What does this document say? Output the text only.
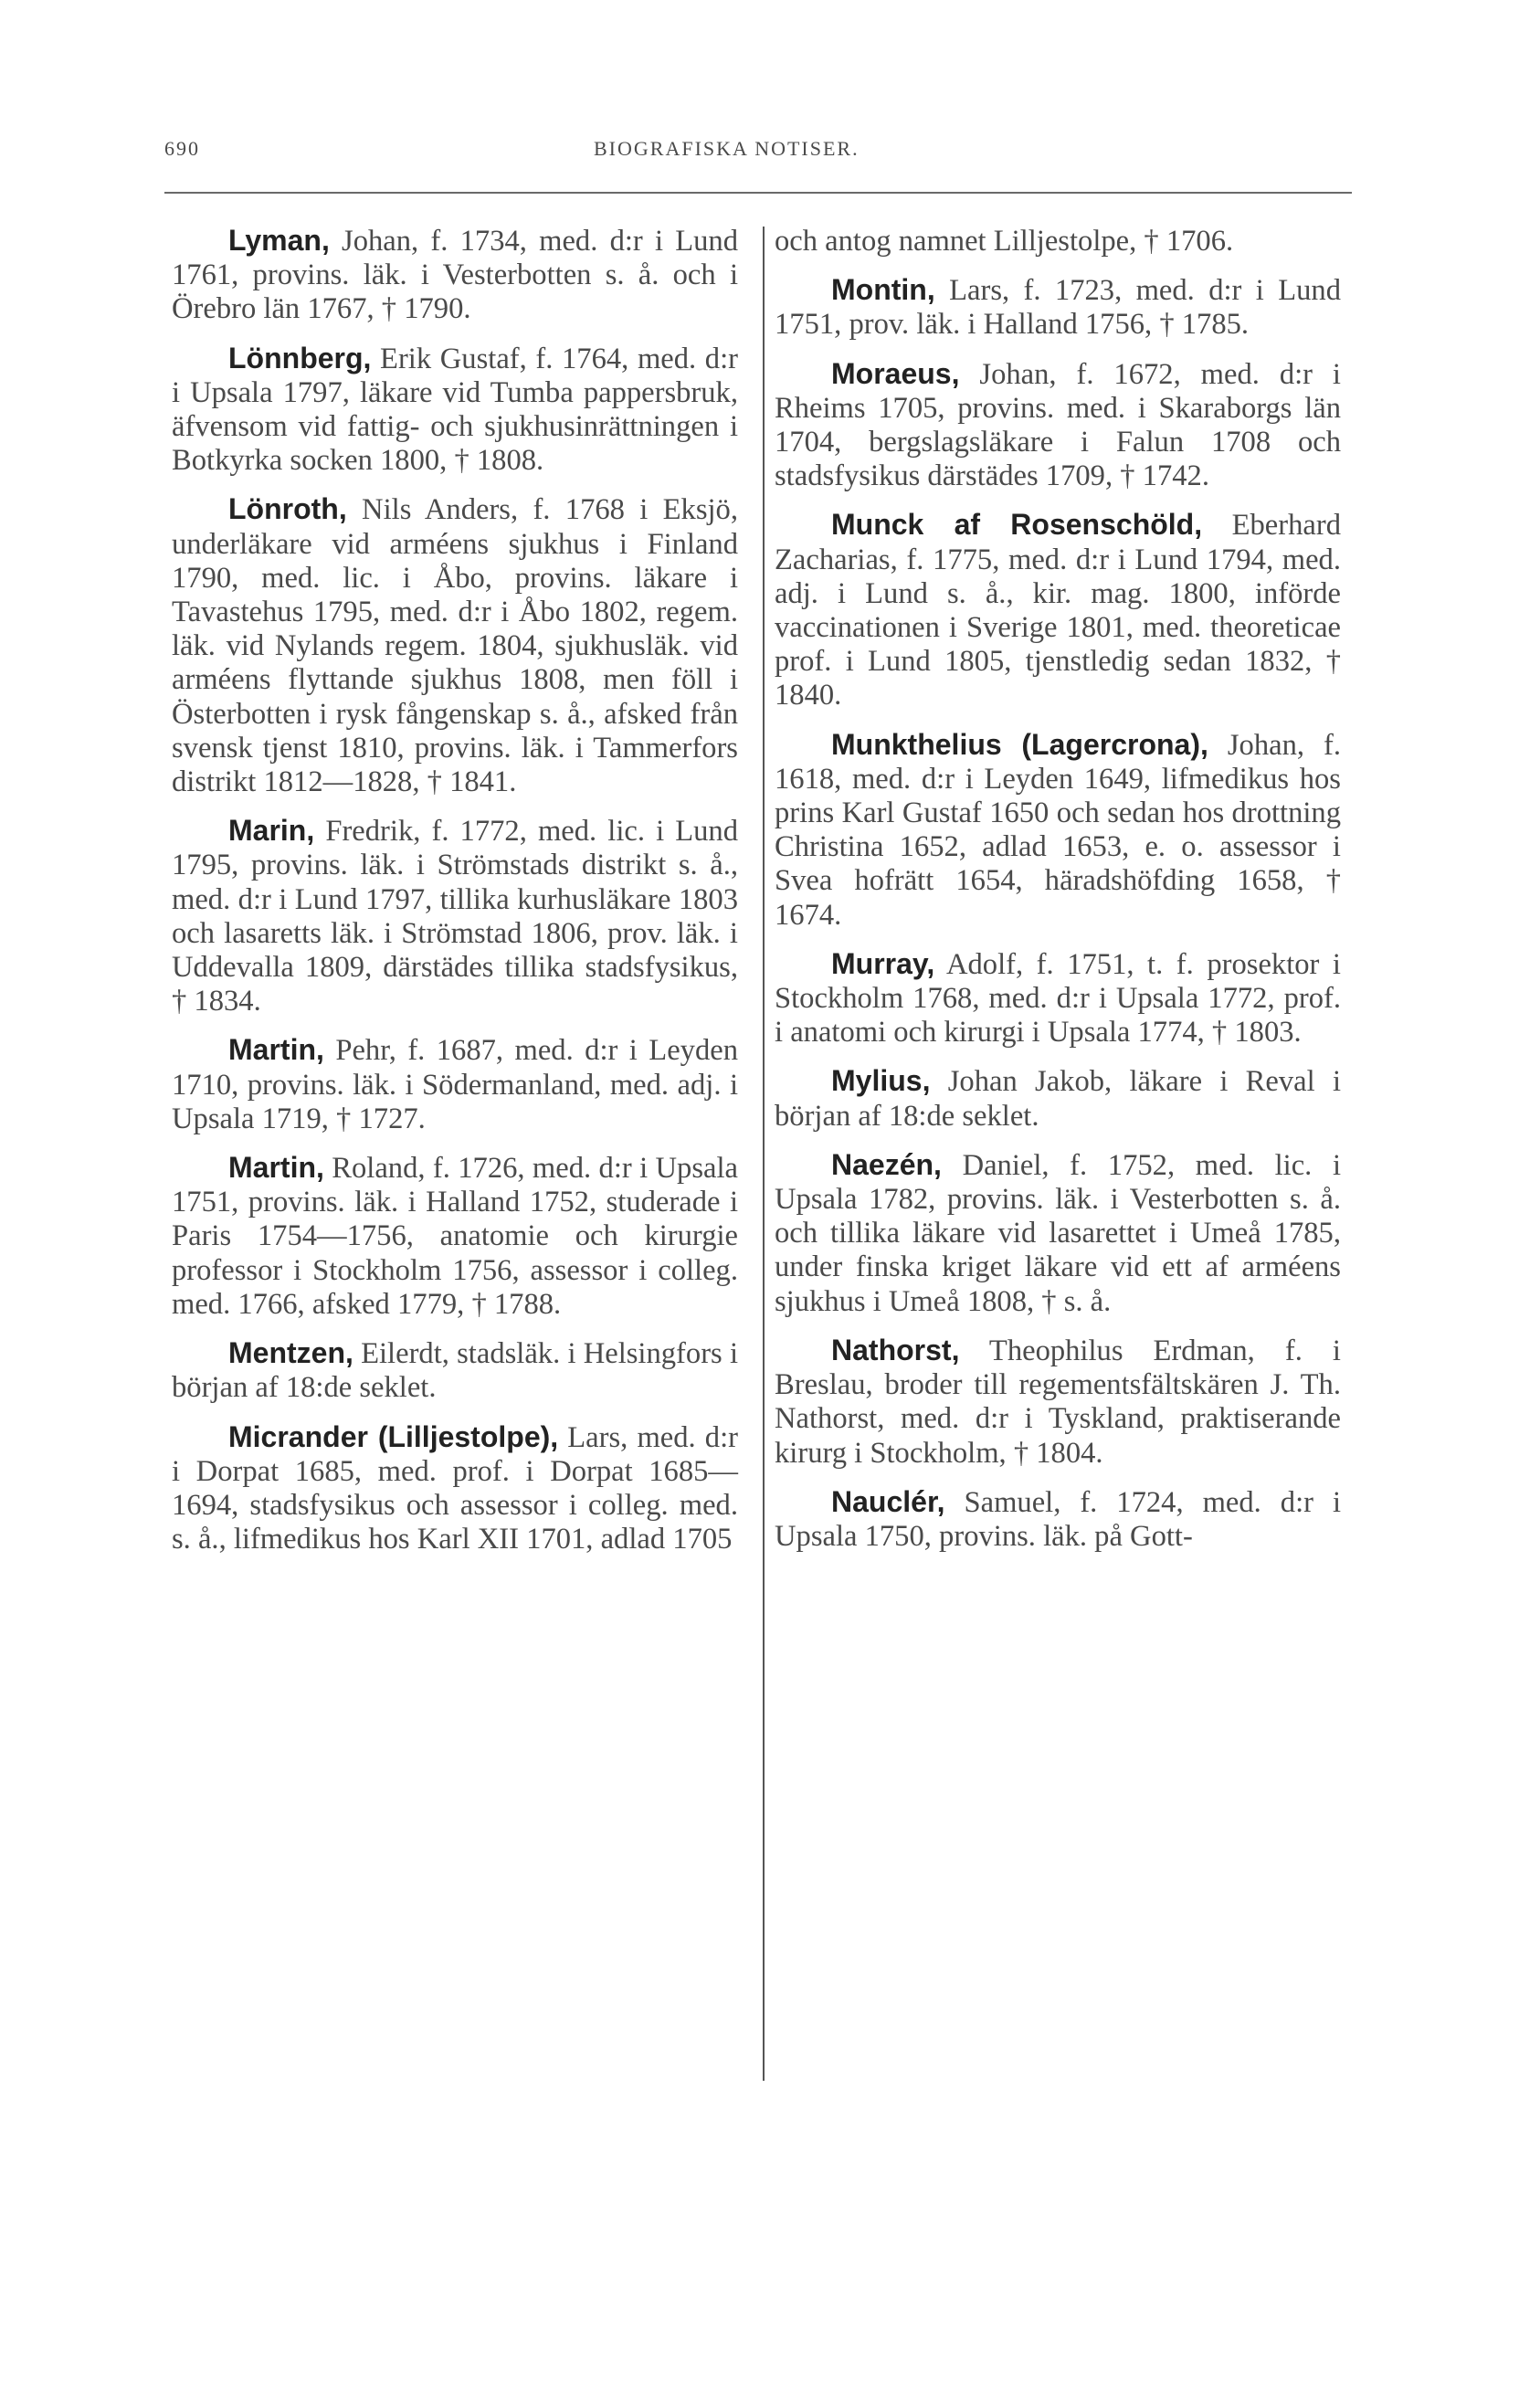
690	BIOGRAFISKA NOTISER.

Lyman, Johan, f. 1734, med. d:r i Lund 1761, provins. läk. i Vesterbotten s. å. och i Örebro län 1767, † 1790.

Lönnberg, Erik Gustaf, f. 1764, med. d:r i Upsala 1797, läkare vid Tumba pappersbruk, äfvensom vid fattig- och sjukhusinrättningen i Botkyrka socken 1800, † 1808.

Lönroth, Nils Anders, f. 1768 i Eksjö, underläkare vid arméens sjukhus i Finland 1790, med. lic. i Åbo, provins. läkare i Tavastehus 1795, med. d:r i Åbo 1802, regem. läk. vid Nylands regem. 1804, sjukhusläk. vid arméens flyttande sjukhus 1808, men föll i Österbotten i rysk fångenskap s. å., afsked från svensk tjenst 1810, provins. läk. i Tammerfors distrikt 1812—1828, † 1841.

Marin, Fredrik, f. 1772, med. lic. i Lund 1795, provins. läk. i Strömstads distrikt s. å., med. d:r i Lund 1797, tillika kurhusläkare 1803 och lasaretts läk. i Strömstad 1806, prov. läk. i Uddevalla 1809, därstädes tillika stadsfysikus, † 1834.

Martin, Pehr, f. 1687, med. d:r i Leyden 1710, provins. läk. i Södermanland, med. adj. i Upsala 1719, † 1727.

Martin, Roland, f. 1726, med. d:r i Upsala 1751, provins. läk. i Halland 1752, studerade i Paris 1754—1756, anatomie och kirurgie professor i Stockholm 1756, assessor i colleg. med. 1766, afsked 1779, † 1788.

Mentzen, Eilerdt, stadsläk. i Helsingfors i början af 18:de seklet.

Micrander (Lilljestolpe), Lars, med. d:r i Dorpat 1685, med. prof. i Dorpat 1685—1694, stadsfysikus och assessor i colleg. med. s. å., lifmedikus hos Karl XII 1701, adlad 1705

och antog namnet Lilljestolpe, † 1706.

Montin, Lars, f. 1723, med. d:r i Lund 1751, prov. läk. i Halland 1756, † 1785.

Moraeus, Johan, f. 1672, med. d:r i Rheims 1705, provins. med. i Skaraborgs län 1704, bergslagsläkare i Falun 1708 och stadsfysikus därstädes 1709, † 1742.

Munck af Rosenschöld, Eberhard Zacharias, f. 1775, med. d:r i Lund 1794, med. adj. i Lund s. å., kir. mag. 1800, införde vaccinationen i Sverige 1801, med. theoreticae prof. i Lund 1805, tjenstledig sedan 1832, † 1840.

Munkthelius (Lagercrona), Johan, f. 1618, med. d:r i Leyden 1649, lifmedikus hos prins Karl Gustaf 1650 och sedan hos drottning Christina 1652, adlad 1653, e. o. assessor i Svea hofrätt 1654, häradshöfding 1658, † 1674.

Murray, Adolf, f. 1751, t. f. prosektor i Stockholm 1768, med. d:r i Upsala 1772, prof. i anatomi och kirurgi i Upsala 1774, † 1803.

Mylius, Johan Jakob, läkare i Reval i början af 18:de seklet.

Naezén, Daniel, f. 1752, med. lic. i Upsala 1782, provins. läk. i Vesterbotten s. å. och tillika läkare vid lasarettet i Umeå 1785, under finska kriget läkare vid ett af arméens sjukhus i Umeå 1808, † s. å.

Nathorst, Theophilus Erdman, f. i Breslau, broder till regementsfältskären J. Th. Nathorst, med. d:r i Tyskland, praktiserande kirurg i Stockholm, † 1804.

Nauclér, Samuel, f. 1724, med. d:r i Upsala 1750, provins. läk. på Gott-
